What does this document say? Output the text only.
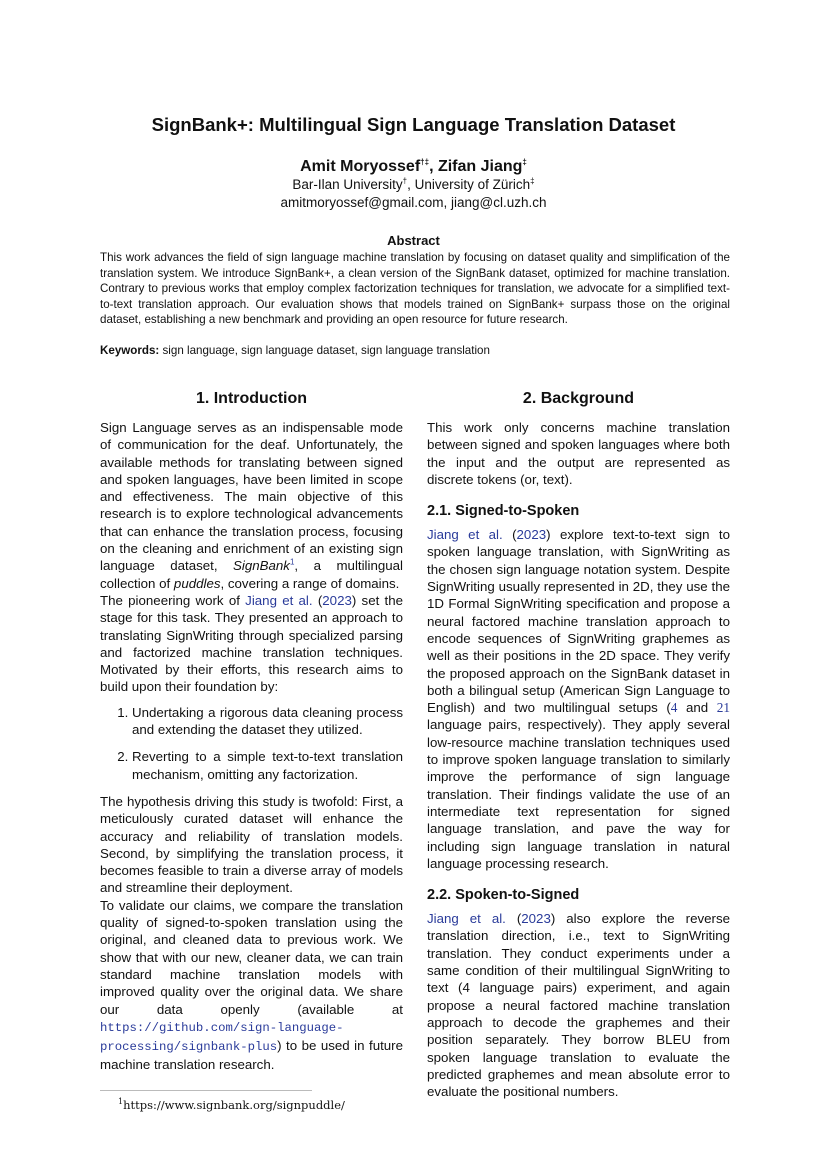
SignBank+: Multilingual Sign Language Translation Dataset
Amit Moryossef†‡, Zifan Jiang‡
Bar-Ilan University†, University of Zürich‡
amitmoryossef@gmail.com, jiang@cl.uzh.ch
Abstract
This work advances the field of sign language machine translation by focusing on dataset quality and simplification of the translation system. We introduce SignBank+, a clean version of the SignBank dataset, optimized for machine translation. Contrary to previous works that employ complex factorization techniques for translation, we advocate for a simplified text-to-text translation approach. Our evaluation shows that models trained on SignBank+ surpass those on the original dataset, establishing a new benchmark and providing an open resource for future research.
Keywords: sign language, sign language dataset, sign language translation
1. Introduction

Sign Language serves as an indispensable mode of communication for the deaf. Unfortunately, the available methods for translating between signed and spoken languages, have been limited in scope and effectiveness. The main objective of this research is to explore technological advancements that can enhance the translation process, focusing on the cleaning and enrichment of an existing sign language dataset, SignBank$^1$, a multilingual collection of puddles, covering a range of domains.
The pioneering work of Jiang et al. (2023) set the stage for this task. They presented an approach to translating SignWriting through specialized parsing and factorized machine translation techniques. Motivated by their efforts, this research aims to build upon their foundation by:

1. Undertaking a rigorous data cleaning process and extending the dataset they utilized.
2. Reverting to a simple text-to-text translation mechanism, omitting any factorization.

The hypothesis driving this study is twofold: First, a meticulously curated dataset will enhance the accuracy and reliability of translation models. Second, by simplifying the translation process, it becomes feasible to train a diverse array of models and streamline their deployment.
To validate our claims, we compare the translation quality of signed-to-spoken translation using the original, and cleaned data to previous work. We show that with our new, cleaner data, we can train standard machine translation models with improved quality over the original data. We share our data openly (available at https://github.com/sign-language-processing/signbank-plus) to be used in future machine translation research.

$^1$https://www.signbank.org/signpuddle/
2. Background

This work only concerns machine translation between signed and spoken languages where both the input and the output are represented as discrete tokens (or, text).

2.1. Signed-to-Spoken

Jiang et al. (2023) explore text-to-text sign to spoken language translation, with SignWriting as the chosen sign language notation system. Despite SignWriting usually represented in 2D, they use the 1D Formal SignWriting specification and propose a neural factored machine translation approach to encode sequences of SignWriting graphemes as well as their positions in the 2D space. They verify the proposed approach on the SignBank dataset in both a bilingual setup (American Sign Language to English) and two multilingual setups (4 and 21 language pairs, respectively). They apply several low-resource machine translation techniques used to improve spoken language translation to similarly improve the performance of sign language translation. Their findings validate the use of an intermediate text representation for signed language translation, and pave the way for including sign language translation in natural language processing research.

2.2. Spoken-to-Signed

Jiang et al. (2023) also explore the reverse translation direction, i.e., text to SignWriting translation. They conduct experiments under a same condition of their multilingual SignWriting to text (4 language pairs) experiment, and again propose a neural factored machine translation approach to decode the graphemes and their position separately. They borrow BLEU from spoken language translation to evaluate the predicted graphemes and mean absolute error to evaluate the positional numbers.
